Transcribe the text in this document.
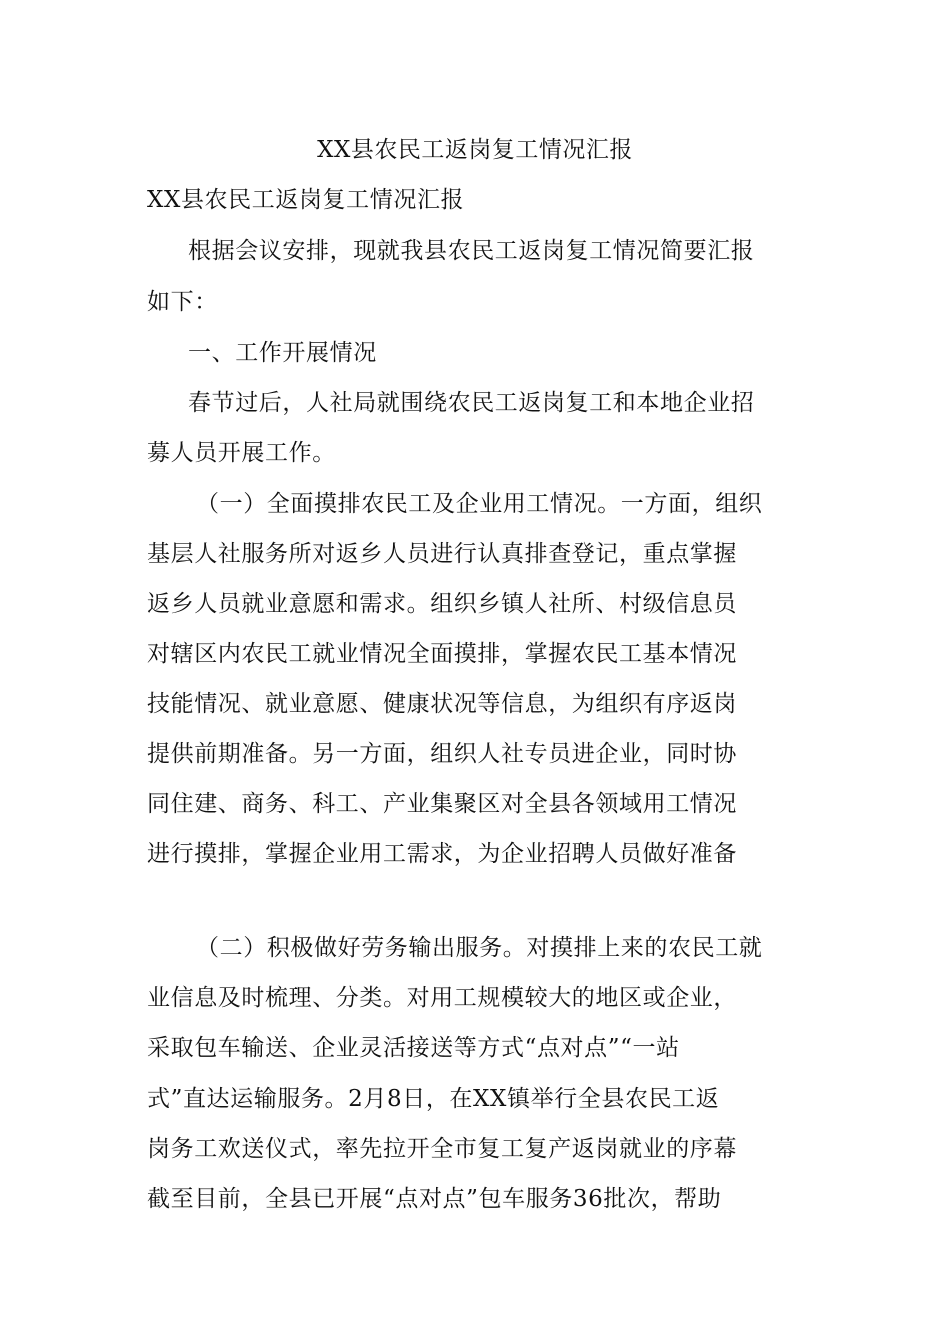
XX县农民工返岗复工情况汇报
XX县农民工返岗复工情况汇报
根据会议安排，现就我县农民工返岗复工情况简要汇报
如下：
一、工作开展情况
春节过后，人社局就围绕农民工返岗复工和本地企业招
募人员开展工作。
（一）全面摸排农民工及企业用工情况。一方面，组织
基层人社服务所对返乡人员进行认真排查登记，重点掌握
返乡人员就业意愿和需求。组织乡镇人社所、村级信息员
对辖区内农民工就业情况全面摸排，掌握农民工基本情况
技能情况、就业意愿、健康状况等信息，为组织有序返岗
提供前期准备。另一方面，组织人社专员进企业，同时协
同住建、商务、科工、产业集聚区对全县各领域用工情况
进行摸排，掌握企业用工需求，为企业招聘人员做好准备
（二）积极做好劳务输出服务。对摸排上来的农民工就
业信息及时梳理、分类。对用工规模较大的地区或企业，
采取包车输送、企业灵活接送等方式“点对点”“一站
式”直达运输服务。2月8日，在XX镇举行全县农民工返
岗务工欢送仪式，率先拉开全市复工复产返岗就业的序幕
截至目前，全县已开展“点对点”包车服务36批次，帮助
